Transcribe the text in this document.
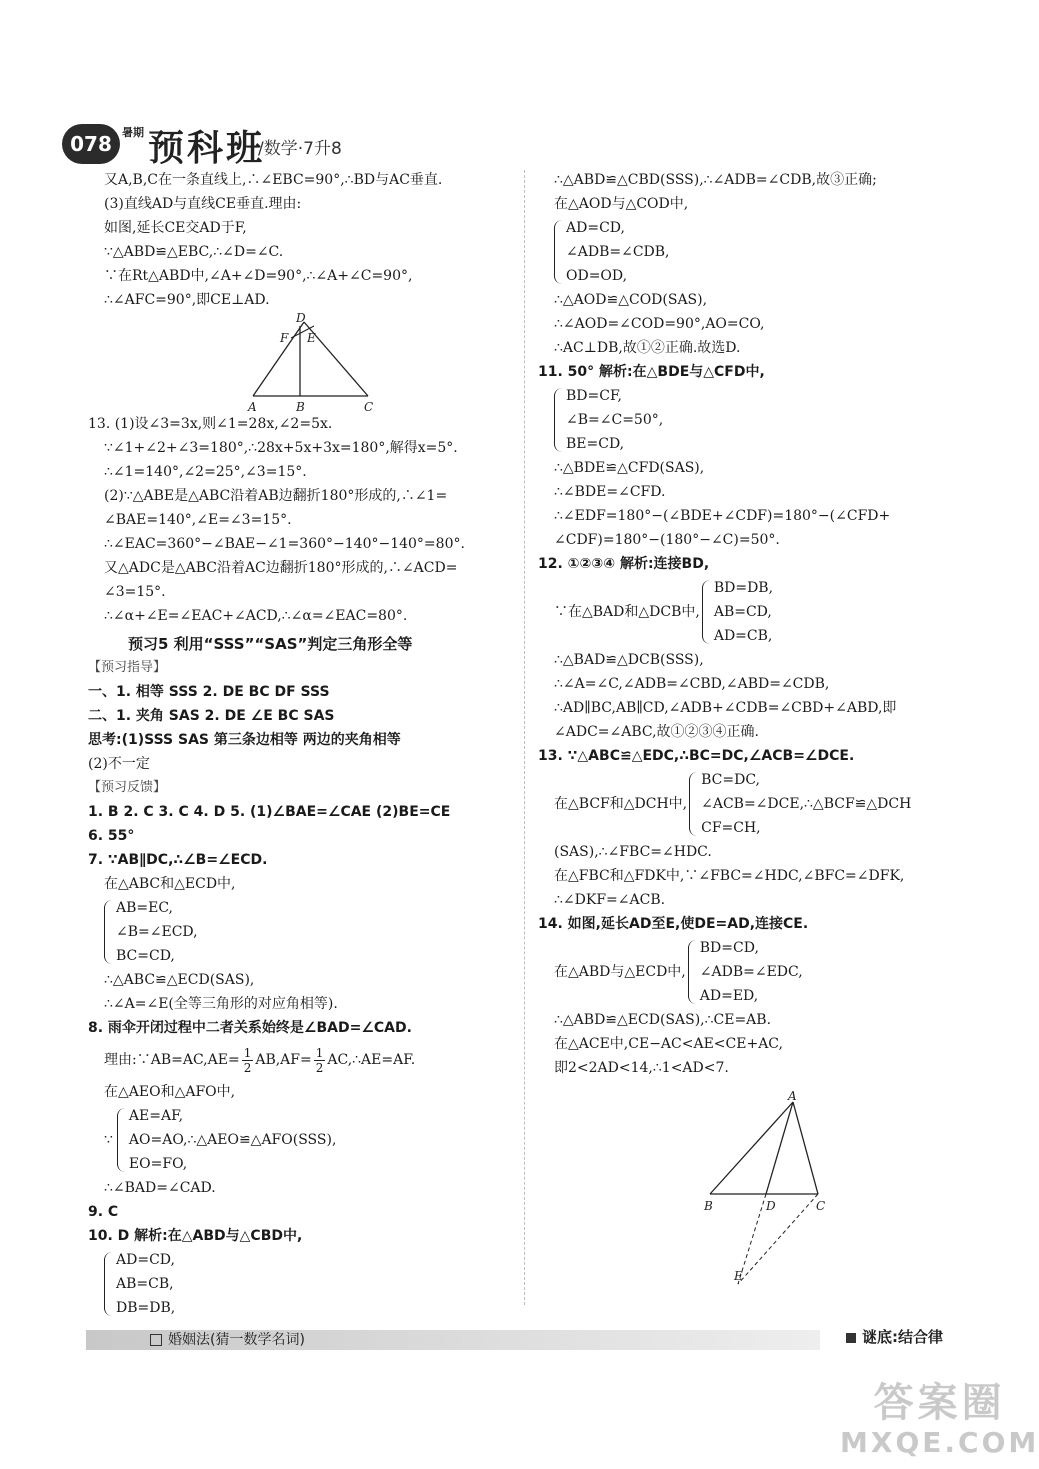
078 暑期 预科班
/数学·7升8
又A,B,C在一条直线上,∴∠EBC=90°,∴BD与AC垂直.
(3)直线AD与直线CE垂直.理由:
如图,延长CE交AD于F,
∵△ABD≌△EBC,∴∠D=∠C.
∵在Rt△ABD中,∠A+∠D=90°,∴∠A+∠C=90°,
∴∠AFC=90°,即CE⊥AD.
D
F E
A	B	C
13. (1)设∠3=3x,则∠1=28x,∠2=5x.
∵∠1+∠2+∠3=180°,∴28x+5x+3x=180°,解得x=5°.
∴∠1=140°,∠2=25°,∠3=15°.
(2)∵△ABE是△ABC沿着AB边翻折180°形成的,∴∠1=
∠BAE=140°,∠E=∠3=15°.
∴∠EAC=360°−∠BAE−∠1=360°−140°−140°=80°.
又△ADC是△ABC沿着AC边翻折180°形成的,∴∠ACD=
∠3=15°.
∴∠α+∠E=∠EAC+∠ACD,∴∠α=∠EAC=80°.
预习5 利用“SSS”“SAS”判定三角形全等
【预习指导】
一、1. 相等 SSS 2. DE BC DF SSS
二、1. 夹角 SAS 2. DE ∠E BC SAS
思考:(1)SSS SAS 第三条边相等 两边的夹角相等
(2)不一定
【预习反馈】
1. B 2. C 3. C 4. D 5. (1)∠BAE=∠CAE (2)BE=CE
6. 55°
7. ∵AB∥DC,∴∠B=∠ECD.
在△ABC和△ECD中,
AB=EC,
∠B=∠ECD,
BC=CD,
∴△ABC≌△ECD(SAS),
∴∠A=∠E(全等三角形的对应角相等).
8. 雨伞开闭过程中二者关系始终是∠BAD=∠CAD.
理由:∵AB=AC,AE= $\frac{1}{2} AB,AF= \frac{1}{2}$ AC,∴AE=AF.
在△AEO和△AFO中,
∵
AE=AF,
AO=AO,∴△AEO≌△AFO(SSS),
EO=FO,
∴∠BAD=∠CAD.
9. C
10. D 解析:在△ABD与△CBD中,
AD=CD,
AB=CB,
DB=DB,
∴△ABD≌△CBD(SSS),∴∠ADB=∠CDB,故③正确;
在△AOD与△COD中,
AD=CD,
∠ADB=∠CDB,
OD=OD,
∴△AOD≌△COD(SAS),
∴∠AOD=∠COD=90°,AO=CO,
∴AC⊥DB,故①②正确.故选D.
11. 50° 解析:在△BDE与△CFD中,
BD=CF,
∠B=∠C=50°,
BE=CD,
∴△BDE≌△CFD(SAS),
∴∠BDE=∠CFD.
∴∠EDF=180°−(∠BDE+∠CDF)=180°−(∠CFD+
∠CDF)=180°−(180°−∠C)=50°.
12. ①②③④ 解析:连接BD,
∵在△BAD和△DCB中,
BD=DB,
AB=CD,
AD=CB,
∴△BAD≌△DCB(SSS),
∴∠A=∠C,∠ADB=∠CBD,∠ABD=∠CDB,
∴AD∥BC,AB∥CD,∠ADB+∠CDB=∠CBD+∠ABD,即
∠ADC=∠ABC,故①②③④正确.
13. ∵△ABC≌△EDC,∴BC=DC,∠ACB=∠DCE.
在△BCF和△DCH中,
BC=DC,
∠ACB=∠DCE,∴△BCF≌△DCH
CF=CH,
(SAS),∴∠FBC=∠HDC.
在△FBC和△FDK中,∵∠FBC=∠HDC,∠BFC=∠DFK,
∴∠DKF=∠ACB.
14. 如图,延长AD至E,使DE=AD,连接CE.
在△ABD与△ECD中,
BD=CD,
∠ADB=∠EDC,
AD=ED,
∴△ABD≌△ECD(SAS),∴CE=AB.
在△ACE中,CE−AC<AE<CE+AC,
即2<2AD<14,∴1<AD<7.
A
B	D	C
E
婚姻法(猜一数学名词)	谜底:结合律
答案圈
MXQE.COM
